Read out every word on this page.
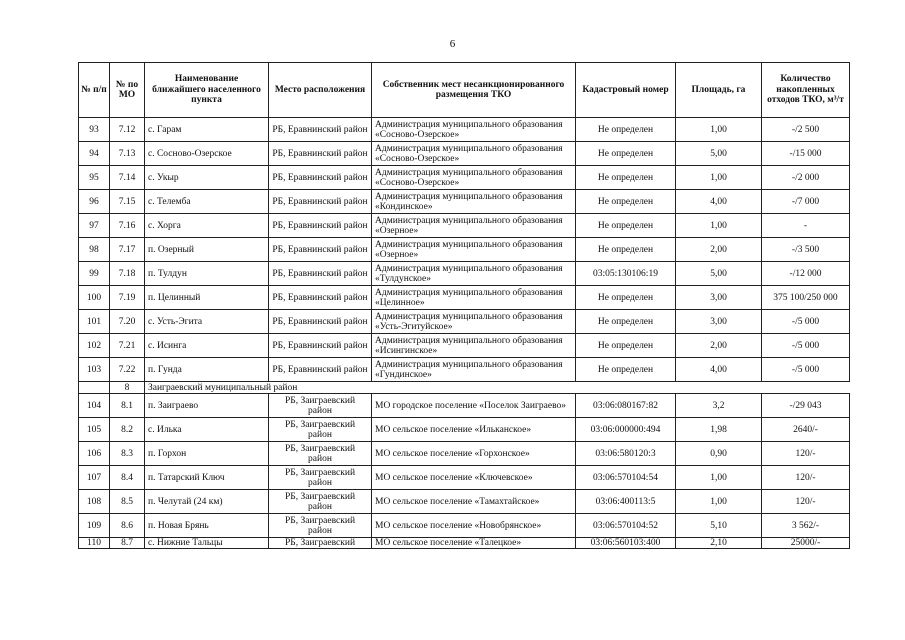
6
№ п/п	№ по МО	Наименование ближайшего населенного пункта	Место расположения	Собственник мест несанкционированного размещения ТКО	Кадастровый номер	Площадь, га	Количество накопленных отходов ТКО, м³/т
93	7.12	с. Гарам	РБ, Еравнинский район	Администрация муниципального образования «Сосново-Озерское»	Не определен	1,00	-/2 500
94	7.13	с. Сосново-Озерское	РБ, Еравнинский район	Администрация муниципального образования «Сосново-Озерское»	Не определен	5,00	-/15 000
95	7.14	с. Укыр	РБ, Еравнинский район	Администрация муниципального образования «Сосново-Озерское»	Не определен	1,00	-/2 000
96	7.15	с. Телемба	РБ, Еравнинский район	Администрация муниципального образования «Кондинское»	Не определен	4,00	-/7 000
97	7.16	с. Хорга	РБ, Еравнинский район	Администрация муниципального образования «Озерное»	Не определен	1,00	-
98	7.17	п. Озерный	РБ, Еравнинский район	Администрация муниципального образования «Озерное»	Не определен	2,00	-/3 500
99	7.18	п. Тулдун	РБ, Еравнинский район	Администрация муниципального образования «Тулдунское»	03:05:130106:19	5,00	-/12 000
100	7.19	п. Целинный	РБ, Еравнинский район	Администрация муниципального образования «Целинное»	Не определен	3,00	375 100/250 000
101	7.20	с. Усть-Эгита	РБ, Еравнинский район	Администрация муниципального образования «Усть-Эгитуйское»	Не определен	3,00	-/5 000
102	7.21	с. Исинга	РБ, Еравнинский район	Администрация муниципального образования «Исингинское»	Не определен	2,00	-/5 000
103	7.22	п. Гунда	РБ, Еравнинский район	Администрация муниципального образования «Гундинское»	Не определен	4,00	-/5 000
	8	Заиграевский муниципальный район					
104	8.1	п. Заиграево	РБ, Заиграевский район	МО городское поселение «Поселок Заиграево»	03:06:080167:82	3,2	-/29 043
105	8.2	с. Илька	РБ, Заиграевский район	МО сельское поселение «Ильканское»	03:06:000000:494	1,98	2640/-
106	8.3	п. Горхон	РБ, Заиграевский район	МО сельское поселение «Горхонское»	03:06:580120:3	0,90	120/-
107	8.4	п. Татарский Ключ	РБ, Заиграевский район	МО сельское поселение «Ключевское»	03:06:570104:54	1,00	120/-
108	8.5	п. Челутай (24 км)	РБ, Заиграевский район	МО сельское поселение «Тамахтайское»	03:06:400113:5	1,00	120/-
109	8.6	п. Новая Брянь	РБ, Заиграевский район	МО сельское поселение «Новобрянское»	03:06:570104:52	5,10	3 562/-
110	8.7	с. Нижние Тальцы	РБ, Заиграевский	МО сельское поселение «Талецкое»	03:06:560103:400	2,10	25000/-
